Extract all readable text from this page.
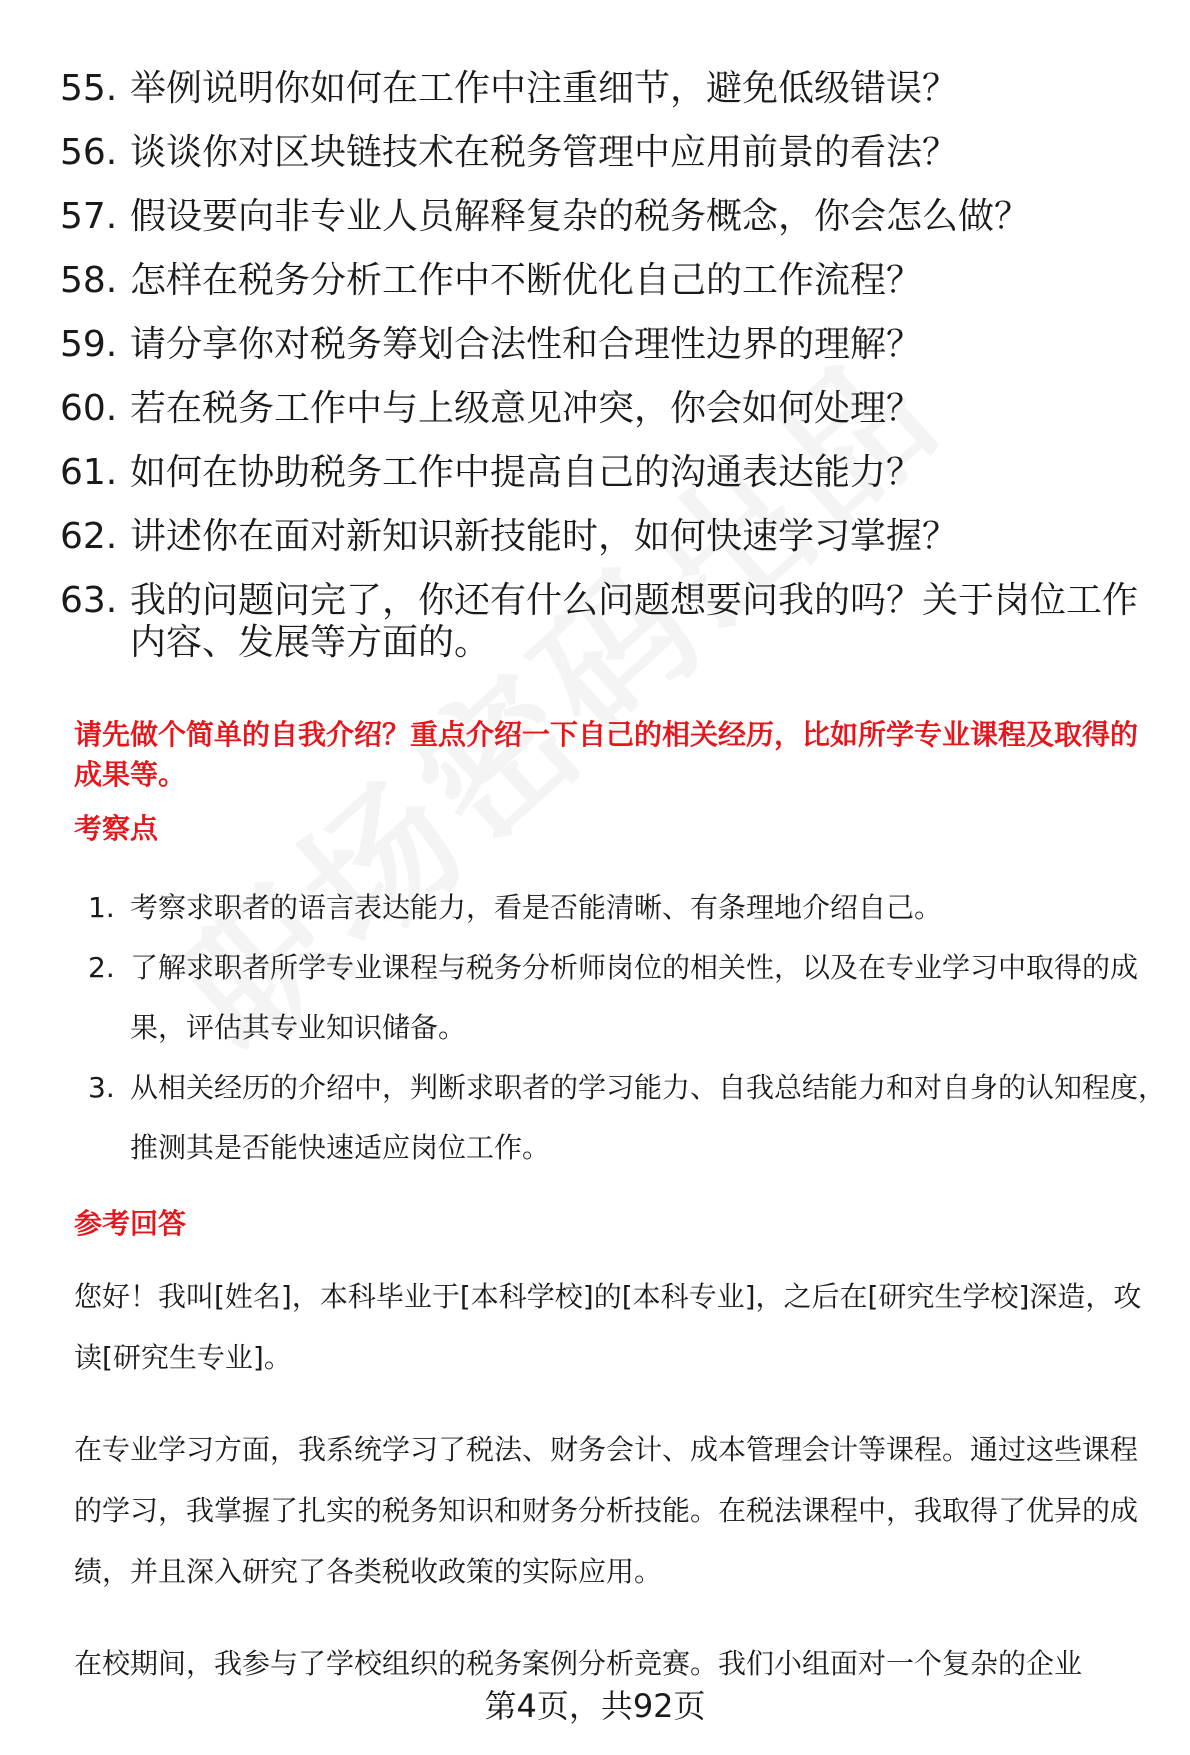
55. 举例说明你如何在工作中注重细节，避免低级错误？
56. 谈谈你对区块链技术在税务管理中应用前景的看法？
57. 假设要向非专业人员解释复杂的税务概念，你会怎么做？
58. 怎样在税务分析工作中不断优化自己的工作流程？
59. 请分享你对税务筹划合法性和合理性边界的理解？
60. 若在税务工作中与上级意见冲突，你会如何处理？
61. 如何在协助税务工作中提高自己的沟通表达能力？
62. 讲述你在面对新知识新技能时，如何快速学习掌握？
63. 我的问题问完了，你还有什么问题想要问我的吗？关于岗位工作内容、发展等方面的。
请先做个简单的自我介绍？重点介绍一下自己的相关经历，比如所学专业课程及取得的成果等。
考察点
1. 考察求职者的语言表达能力，看是否能清晰、有条理地介绍自己。
2. 了解求职者所学专业课程与税务分析师岗位的相关性，以及在专业学习中取得的成果，评估其专业知识储备。
3. 从相关经历的介绍中，判断求职者的学习能力、自我总结能力和对自身的认知程度，推测其是否能快速适应岗位工作。
参考回答
您好！我叫[姓名]，本科毕业于[本科学校]的[本科专业]，之后在[研究生学校]深造，攻读[研究生专业]。
在专业学习方面，我系统学习了税法、财务会计、成本管理会计等课程。通过这些课程的学习，我掌握了扎实的税务知识和财务分析技能。在税法课程中，我取得了优异的成绩，并且深入研究了各类税收政策的实际应用。
在校期间，我参与了学校组织的税务案例分析竞赛。我们小组面对一个复杂的企业
第4页，共92页
